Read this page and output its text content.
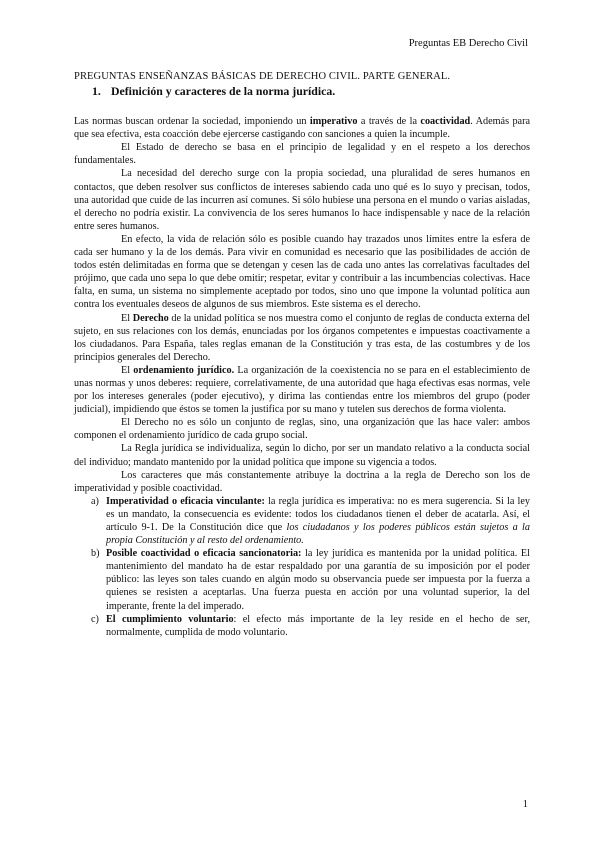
Preguntas EB Derecho Civil
PREGUNTAS ENSEÑANZAS BÁSICAS DE DERECHO CIVIL. PARTE GENERAL.
1. Definición y caracteres de la norma jurídica.

Las normas buscan ordenar la sociedad, imponiendo un imperativo a través de la coactividad. Además para que sea efectiva, esta coacción debe ejercerse castigando con sanciones a quien la incumple.

El Estado de derecho se basa en el principio de legalidad y en el respeto a los derechos fundamentales.

La necesidad del derecho surge con la propia sociedad, una pluralidad de seres humanos en contactos, que deben resolver sus conflictos de intereses sabiendo cada uno qué es lo suyo y precisan, todos, una autoridad que cuide de las incurren así comunes. Si sólo hubiese una persona en el mundo o varias aisladas, el derecho no podría existir. La convivencia de los seres humanos lo hace indispensable y nace de la relación entre seres humanos.

En efecto, la vida de relación sólo es posible cuando hay trazados unos límites entre la esfera de cada ser humano y la de los demás. Para vivir en comunidad es necesario que las posibilidades de acción de todos estén delimitadas en forma que se detengan y cesen las de cada uno antes las correlativas facultades del prójimo, que cada uno sepa lo que debe omitir; respetar, evitar y contribuir a las incumbencias colectivas. Hace falta, en suma, un sistema no simplemente aceptado por todos, sino uno que impone la voluntad política aun contra los eventuales deseos de algunos de sus miembros. Este sistema es el derecho.

El Derecho de la unidad política se nos muestra como el conjunto de reglas de conducta externa del sujeto, en sus relaciones con los demás, enunciadas por los órganos competentes e impuestas coactivamente a los ciudadanos. Para España, tales reglas emanan de la Constitución y tras esta, de las costumbres y de los principios generales del Derecho.

El ordenamiento jurídico. La organización de la coexistencia no se para en el establecimiento de unas normas y unos deberes: requiere, correlativamente, de una autoridad que haga efectivas esas normas, vele por los intereses generales (poder ejecutivo), y dirima las contiendas entre los miembros del grupo (poder judicial), impidiendo que éstos se tomen la justifica por su mano y tutelen sus derechos de forma violenta.

El Derecho no es sólo un conjunto de reglas, sino, una organización que las hace valer: ambos componen el ordenamiento jurídico de cada grupo social.

La Regla jurídica se individualiza, según lo dicho, por ser un mandato relativo a la conducta social del individuo; mandato mantenido por la unidad política que impone su vigencia a todos.

Los caracteres que más constantemente atribuye la doctrina a la regla de Derecho son los de imperatividad y posible coactividad.

a) Imperatividad o eficacia vinculante: la regla jurídica es imperativa: no es mera sugerencia. Si la ley es un mandato, la consecuencia es evidente: todos los ciudadanos tienen el deber de acatarla. Así, el artículo 9-1. De la Constitución dice que los ciudadanos y los poderes públicos están sujetos a la propia Constitución y al resto del ordenamiento.
b) Posible coactividad o eficacia sancionatoria: la ley jurídica es mantenida por la unidad política. El mantenimiento del mandato ha de estar respaldado por una garantía de su imposición por el poder público: las leyes son tales cuando en algún modo su observancia puede ser impuesta por la fuerza a quienes se resisten a aceptarlas. Una fuerza puesta en acción por una voluntad superior, la del imperante, frente la del imperado.
c) El cumplimiento voluntario: el efecto más importante de la ley reside en el hecho de ser, normalmente, cumplida de modo voluntario.
1
